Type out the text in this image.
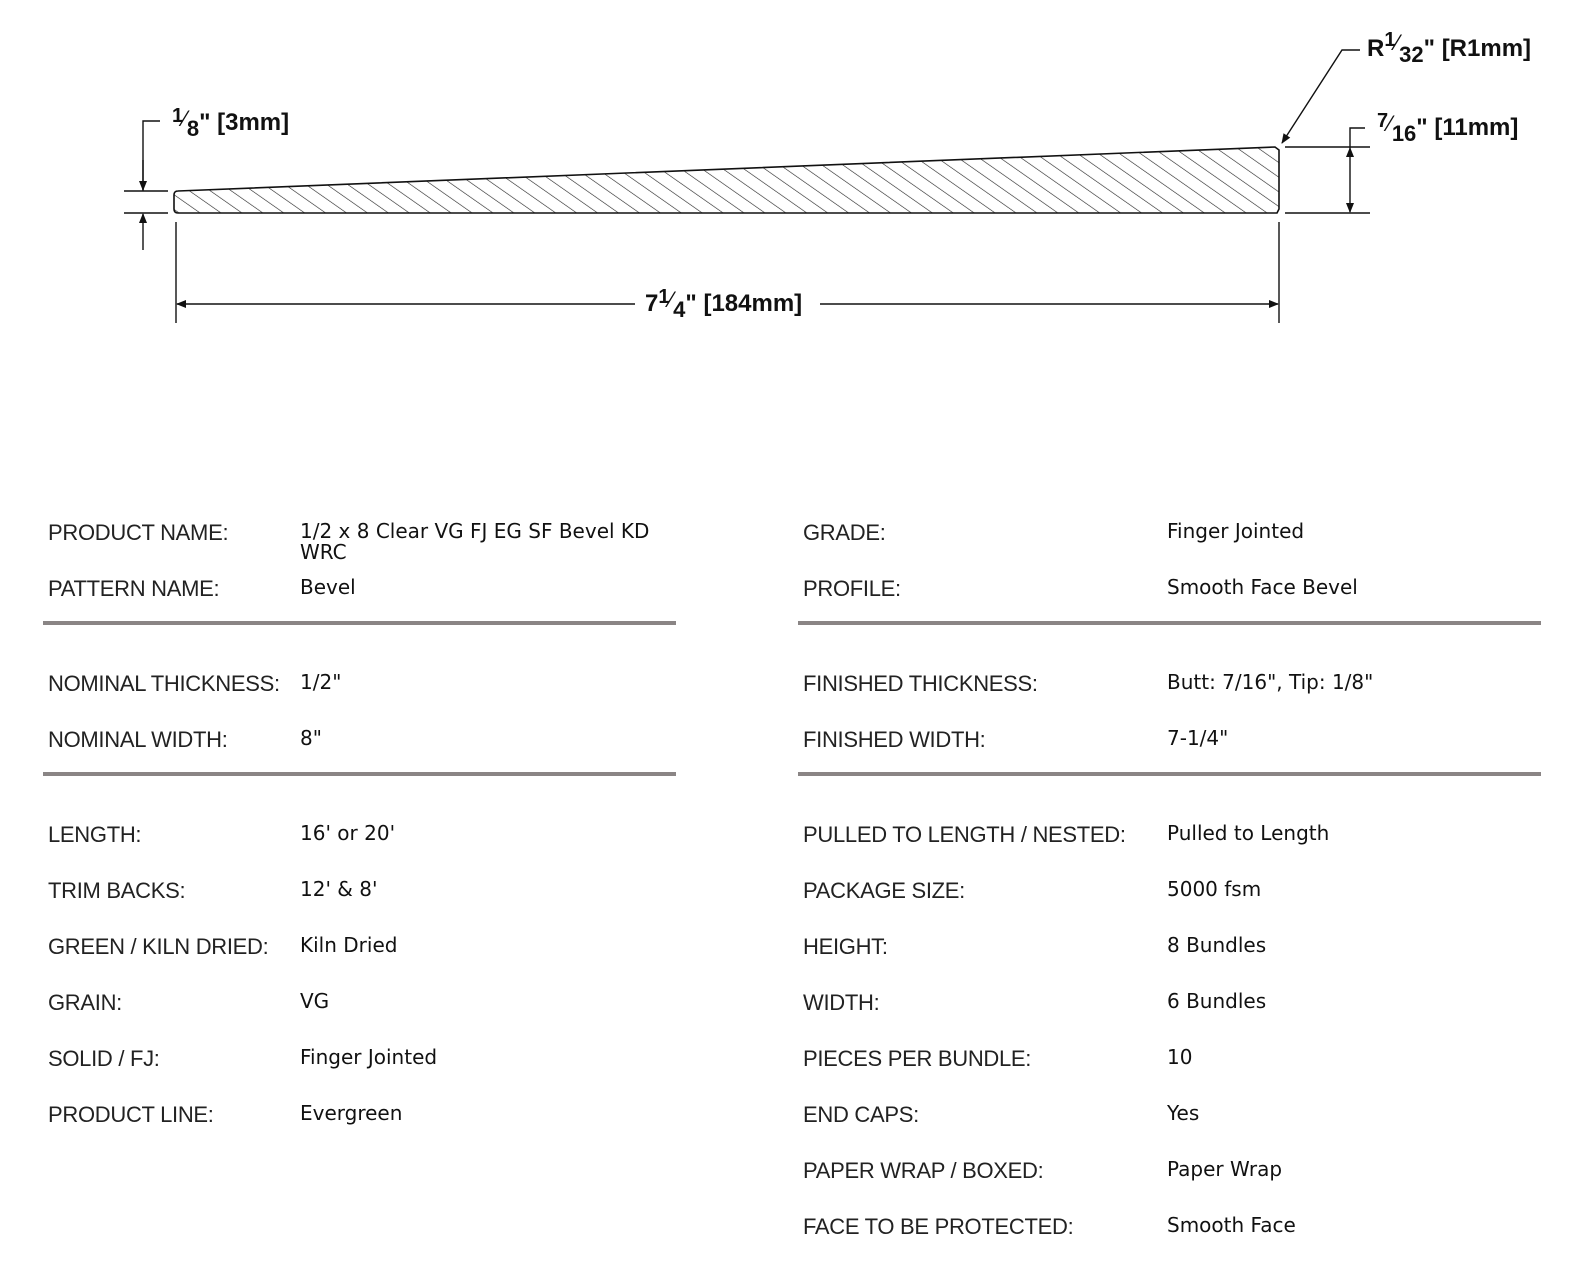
$^1$⁄8" [3mm]
$R^1⁄32$" [R1mm]
$^7$⁄16" [11mm]
$7^1⁄4$" [184mm]
PRODUCT NAME:	1/2 x 8 Clear VG FJ EG SF Bevel KD WRC
PATTERN NAME:	Bevel
NOMINAL THICKNESS: 1/2"
NOMINAL WIDTH:	8"
LENGTH:	16' or 20'
TRIM BACKS:	12' & 8'
GREEN / KILN DRIED: Kiln Dried
GRAIN:	VG
SOLID / FJ:	Finger Jointed
PRODUCT LINE:	Evergreen
GRADE:	Finger Jointed
PROFILE:	Smooth Face Bevel
FINISHED THICKNESS:	Butt: 7/16", Tip: 1/8"
FINISHED WIDTH:	7-1/4"
PULLED TO LENGTH / NESTED: Pulled to Length
PACKAGE SIZE:	5000 fsm
HEIGHT:	8 Bundles
WIDTH:	6 Bundles
PIECES PER BUNDLE:	10
END CAPS:	Yes
PAPER WRAP / BOXED:	Paper Wrap
FACE TO BE PROTECTED:	Smooth Face
